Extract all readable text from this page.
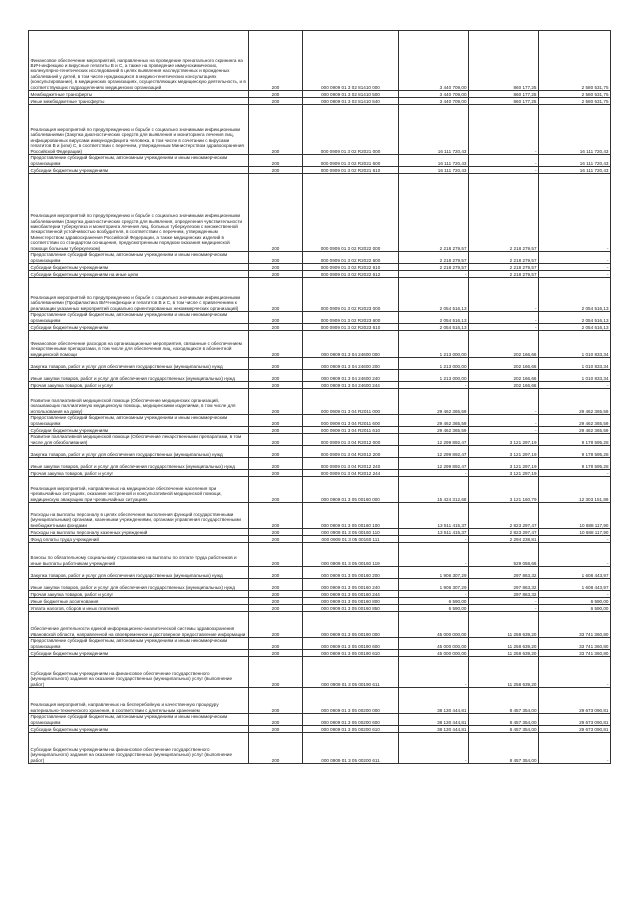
Финансовое обеспечение мероприятий, направленных на проведение пренатального скрининга на ВИЧ-инфекцию и вирусные гепатиты В и С, а также на проведение иммунохимических, молекулярно-генетических исследований в целях выявления наследственных и врожденных заболеваний у детей, в том числе нуждающихся в медико-генетических консультациях (консультирование), в медицинских организациях, осуществляющих медицинскую деятельность, и в соответствующих подразделениях медицинских организаций	200	000 0909 01 3 02 81410 000	3 440 709,00	860 177,25	2 580 531,75
Межбюджетные трансферты	200	000 0909 01 3 02 81410 500	3 440 709,00	860 177,25	2 580 531,75
Иные межбюджетные трансферты	200	000 0909 01 3 02 81410 540	3 440 709,00	860 177,25	2 580 531,75
Реализация мероприятий по предупреждению и борьбе с социально значимыми инфекционными заболеваниями (Закупка диагностических средств для выявления и мониторинга лечения лиц, инфицированных вирусами иммунодефицита человека, в том числе в сочетании с вирусами гепатитов В и (или) С, в соответствии с перечнем, утвержденным Министерством здравоохранения Российской Федерации)	200	000 0909 01 3 02 R2021 000	16 111 720,43	-	16 111 720,43
Предоставление субсидий бюджетным, автономным учреждениям и иным некоммерческим организациям	200	000 0909 01 3 02 R2021 600	16 111 720,43	-	16 111 720,43
Субсидии бюджетным учреждениям	200	000 0909 01 3 02 R2021 610	16 111 720,43	-	16 111 720,43
Реализация мероприятий по предупреждению и борьбе с социально значимыми инфекционными заболеваниями (Закупка диагностических средств для выявления, определения чувствительности микобактерии туберкулеза и мониторинга лечения лиц, больных туберкулезом с множественной лекарственной устойчивостью возбудителя, в соответствии с перечнем, утвержденным Министерством здравоохранения Российской Федерации, а также медицинских изделий в соответствии со стандартом оснащения, предусмотренным порядком оказания медицинской помощи больным туберкулезом)	200	000 0909 01 3 02 R2022 000	2 218 279,57	2 218 279,57	-
Предоставление субсидий бюджетным, автономным учреждениям и иным некоммерческим организациям	200	000 0909 01 3 02 R2022 600	2 218 279,57	2 218 279,57	-
Субсидии бюджетным учреждениям	200	000 0909 01 3 02 R2022 610	2 218 279,57	2 218 279,57	-
Субсидии бюджетным учреждениям на иные цели	200	000 0909 01 3 02 R2022 612	-	2 218 279,57	-
Реализация мероприятий по предупреждению и борьбе с социально значимыми инфекционными заболеваниями (Профилактика ВИЧ-инфекции и гепатитов В и С, в том числе с привлечением к реализации указанных мероприятий социально ориентированных некоммерческих организаций)	200	000 0909 01 3 02 R2023 000	2 054 516,13	-	2 054 516,13
Предоставление субсидий бюджетным, автономным учреждениям и иным некоммерческим организациям	200	000 0909 01 3 02 R2023 600	2 054 516,13	-	2 054 516,13
Субсидии бюджетным учреждениям	200	000 0909 01 3 02 R2023 610	2 054 516,13	-	2 054 516,13
Финансовое обеспечение расходов на организационные мероприятия, связанные с обеспечением лекарственными препаратами, в том числе для обеспечения лиц, находящихся в абонентной медицинской помощи	200	000 0909 01 3 04 24600 000	1 213 000,00	202 166,66	1 010 833,34
Закупка товаров, работ и услуг для обеспечения государственных (муниципальных) нужд	200	000 0909 01 3 04 24600 200	1 213 000,00	202 166,66	1 010 833,34
Иные закупки товаров, работ и услуг для обеспечения государственных (муниципальных) нужд	200	000 0909 01 3 04 24600 240	1 213 000,00	202 166,66	1 010 833,34
Прочая закупка товаров, работ и услуг	200	000 0909 01 3 04 24600 244	-	202 166,66	-
Развитие паллиативной медицинской помощи (Обеспечение медицинских организаций, оказывающих паллиативную медицинскую помощь, медицинскими изделиями, в том числе для использования на дому)	200	000 0909 01 3 04 R2011 000	29 462 365,59	-	29 462 365,59
Предоставление субсидий бюджетным, автономным учреждениям и иным некоммерческим организациям	200	000 0909 01 3 04 R2011 600	29 462 365,59	-	29 462 365,59
Субсидии бюджетным учреждениям	200	000 0909 01 3 04 R2011 610	29 462 365,59	-	29 462 365,59
Развитие паллиативной медицинской помощи (Обеспечение лекарственными препаратами, в том числе для обезболивания)	200	000 0909 01 3 04 R2012 000	12 299 892,47	3 121 297,19	9 178 595,28
Закупка товаров, работ и услуг для обеспечения государственных (муниципальных) нужд	200	000 0909 01 3 04 R2012 200	12 299 892,47	3 121 297,19	9 178 595,28
Иные закупки товаров, работ и услуг для обеспечения государственных (муниципальных) нужд	200	000 0909 01 3 04 R2012 240	12 299 892,47	3 121 297,19	9 178 595,28
Прочая закупка товаров, работ и услуг	200	000 0909 01 3 04 R2012 244	-	3 121 297,19	-
Реализация мероприятий, направленных на медицинское обеспечение населения при чрезвычайных ситуациях, оказание экстренной и консультативной медицинской помощи, медицинскую эвакуацию при чрезвычайных ситуациях	200	000 0909 01 3 05 00160 000	15 424 312,68	3 121 160,79	12 303 151,89
Расходы на выплаты персоналу в целях обеспечения выполнения функций государственными (муниципальными) органами, казенными учреждениями, органами управления государственными внебюджетными фондами	200	000 0909 01 3 05 00160 100	13 511 415,37	2 823 297,47	10 688 117,90
Расходы на выплаты персоналу казенных учреждений	200	000 0909 01 3 05 00160 110	13 511 415,37	2 823 297,47	10 688 117,90
Фонд оплаты труда учреждений	200	000 0909 01 3 05 00160 111	-	2 294 238,81	-
Взносы по обязательному социальному страхованию на выплаты по оплате труда работников и иные выплаты работникам учреждений	200	000 0909 01 3 05 00160 119	-	529 058,66	-
Закупка товаров, работ и услуг для обеспечения государственных (муниципальных) нужд	200	000 0909 01 3 05 00160 200	1 906 307,29	297 863,32	1 608 443,97
Иные закупки товаров, работ и услуг для обеспечения государственных (муниципальных) нужд	200	000 0909 01 3 05 00160 240	1 906 307,29	297 863,32	1 608 443,97
Прочая закупка товаров, работ и услуг	200	000 0909 01 3 05 00160 244	-	297 863,32	-
Иные бюджетные ассигнования	200	000 0909 01 3 05 00160 800	6 590,00	-	6 590,00
Уплата налогов, сборов и иных платежей	200	000 0909 01 3 05 00160 850	6 590,00	-	6 590,00
Обеспечение деятельности единой информационно-аналитической системы здравоохранения Ивановской области, направленной на своевременное и достоверное предоставление информации	200	000 0909 01 3 05 00190 000	45 000 000,00	11 258 639,20	33 741 360,80
Предоставление субсидий бюджетным, автономным учреждениям и иным некоммерческим организациям	200	000 0909 01 3 05 00190 600	45 000 000,00	11 258 639,20	33 741 360,80
Субсидии бюджетным учреждениям	200	000 0909 01 3 05 00190 610	45 000 000,00	11 258 639,20	33 741 360,80
Субсидии бюджетным учреждениям на финансовое обеспечение государственного (муниципального) задания на оказание государственных (муниципальных) услуг (выполнение работ)	200	000 0909 01 3 05 00190 611	-	11 258 639,20	-
Реализация мероприятий, направленных на бесперебойную и качественную процедуру материально-технического хранения, в соответствии с длительным хранением	200	000 0909 01 3 05 00200 000	38 130 444,81	8 457 354,00	29 673 090,81
Предоставление субсидий бюджетным, автономным учреждениям и иным некоммерческим организациям	200	000 0909 01 3 05 00200 600	38 130 444,81	8 457 354,00	29 673 090,81
Субсидии бюджетным учреждениям	200	000 0909 01 3 05 00200 610	38 130 444,81	8 457 354,00	29 673 090,81
Субсидии бюджетным учреждениям на финансовое обеспечение государственного (муниципального) задания на оказание государственных (муниципальных) услуг (выполнение работ)	200	000 0909 01 3 05 00200 611	-	8 457 354,00	-
